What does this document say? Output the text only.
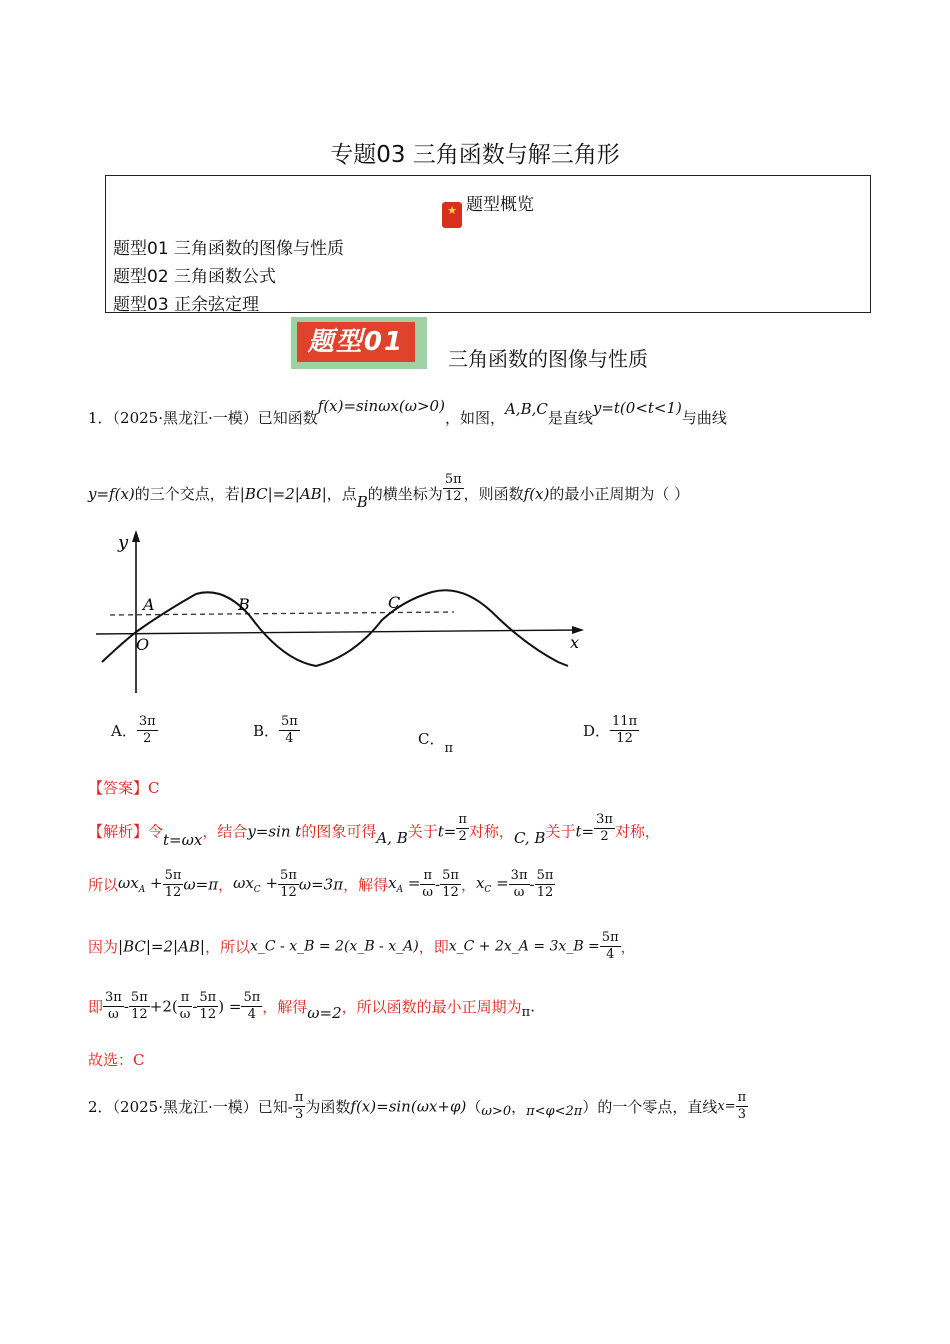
专题03 三角函数与解三角形
★ 题型概览
题型01 三角函数的图像与性质
题型02 三角函数公式
题型03 正余弦定理
题型01
三角函数的图像与性质
1．（2025·黑龙江·一模）已知函数f(x)=sinωx(ω>0)，如图，A,B,C是直线y=t(0<t<1)与曲线
y=f(x)的三个交点，若|BC|=2|AB|，点B的横坐标为 $\frac{5\pi}{12}$ ，则函数f(x)的最小正周期为（ ）
y
x
O
A	B	C
A． $\frac{3\pi}{2}$	B． $\frac{5\pi}{4}$	C．π
D． $\frac{11\pi}{12}$
【答案】C
【解析】令t=ωx，结合y=sin t的图象可得A, B关于$t= \frac{\pi}{2}$ 对称，C, B关于$t= \frac{3\pi}{2}$ 对称，
所以$\omega x_A + \frac{5\pi}{12} \omega=\pi$，$\omega x_C + \frac{5\pi}{12} \omega=3\pi$，解得$x_A = \frac{\pi}{\omega} - \frac{5\pi}{12}$ ，$x_C = \frac{3\pi}{\omega} - \frac{5\pi}{12}$
因为|BC|=2|AB|，所以x_C - x_B = 2(x_B - x_A)，即x_C + 2x_A = 3x_B = $\frac{5\pi}{4}$ ，
即 $\frac{3\pi}{\omega} - \frac{5\pi}{12} +2( \frac{\pi}{\omega} - \frac{5\pi}{12}$ ) = $\frac{5\pi}{4}$ ，解得ω=2，所以函数的最小正周期为π.
故选：C
2．（2025·黑龙江·一模）已知- $\frac{\pi}{3}$ 为函数f(x)=sin(ωx+φ)（ω>0，π<φ<2π）的一个零点，直线$x= \frac{\pi}{3}$
